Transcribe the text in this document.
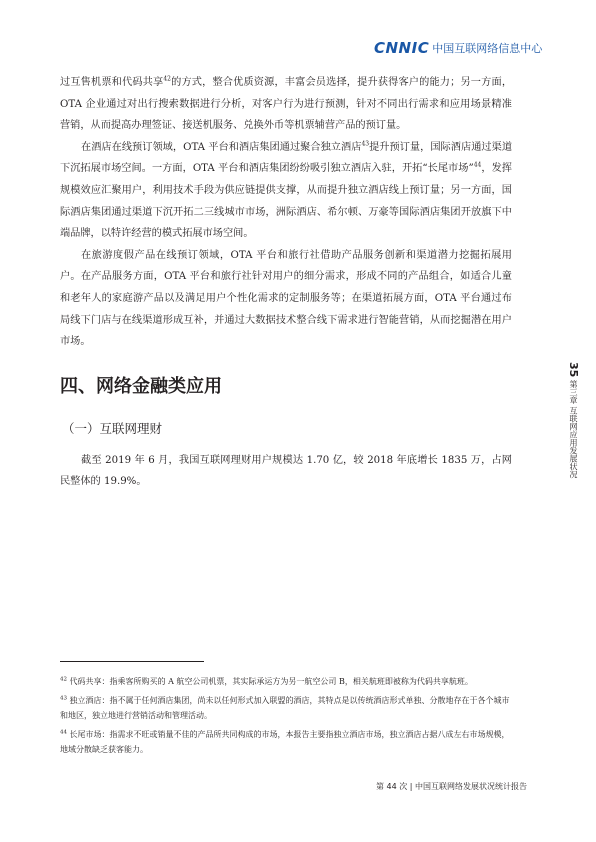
CNNIC 中国互联网络信息中心

过互售机票和代码共享$^{42}$的方式，整合优质资源，丰富会员选择，提升获得客户的能力；另一方面，OTA 企业通过对出行搜索数据进行分析，对客户行为进行预测，针对不同出行需求和应用场景精准营销，从而提高办理签证、接送机服务、兑换外币等机票辅营产品的预订量。

在酒店在线预订领域，OTA 平台和酒店集团通过聚合独立酒店$^{43}$提升预订量，国际酒店通过渠道下沉拓展市场空间。一方面，OTA 平台和酒店集团纷纷吸引独立酒店入驻，开拓“长尾市场”$^{44}$，发挥规模效应汇聚用户，利用技术手段为供应链提供支撑，从而提升独立酒店线上预订量；另一方面，国际酒店集团通过渠道下沉开拓二三线城市市场，洲际酒店、希尔顿、万豪等国际酒店集团开放旗下中端品牌，以特许经营的模式拓展市场空间。

在旅游度假产品在线预订领域，OTA 平台和旅行社借助产品服务创新和渠道潜力挖掘拓展用户。在产品服务方面，OTA 平台和旅行社针对用户的细分需求，形成不同的产品组合，如适合儿童和老年人的家庭游产品以及满足用户个性化需求的定制服务等；在渠道拓展方面，OTA 平台通过布局线下门店与在线渠道形成互补，并通过大数据技术整合线下需求进行智能营销，从而挖掘潜在用户市场。

四、网络金融类应用
（一）互联网理财

截至 2019 年 6 月，我国互联网理财用户规模达 1.70 亿，较 2018 年底增长 1835 万，占网民整体的 19.9%。

35 第三章 互联网应用发展状况

$^{42}$ 代码共享：指乘客所购买的 A 航空公司机票，其实际承运方为另一航空公司 B，相关航班即被称为代码共享航班。

$^{43}$ 独立酒店：指不属于任何酒店集团，尚未以任何形式加入联盟的酒店，其特点是以传统酒店形式单独、分散地存在于各个城市和地区，独立地进行营销活动和管理活动。

$^{44}$ 长尾市场：指需求不旺或销量不佳的产品所共同构成的市场，本报告主要指独立酒店市场，独立酒店占据八成左右市场规模，地域分散缺乏获客能力。

第 44 次 | 中国互联网络发展状况统计报告
